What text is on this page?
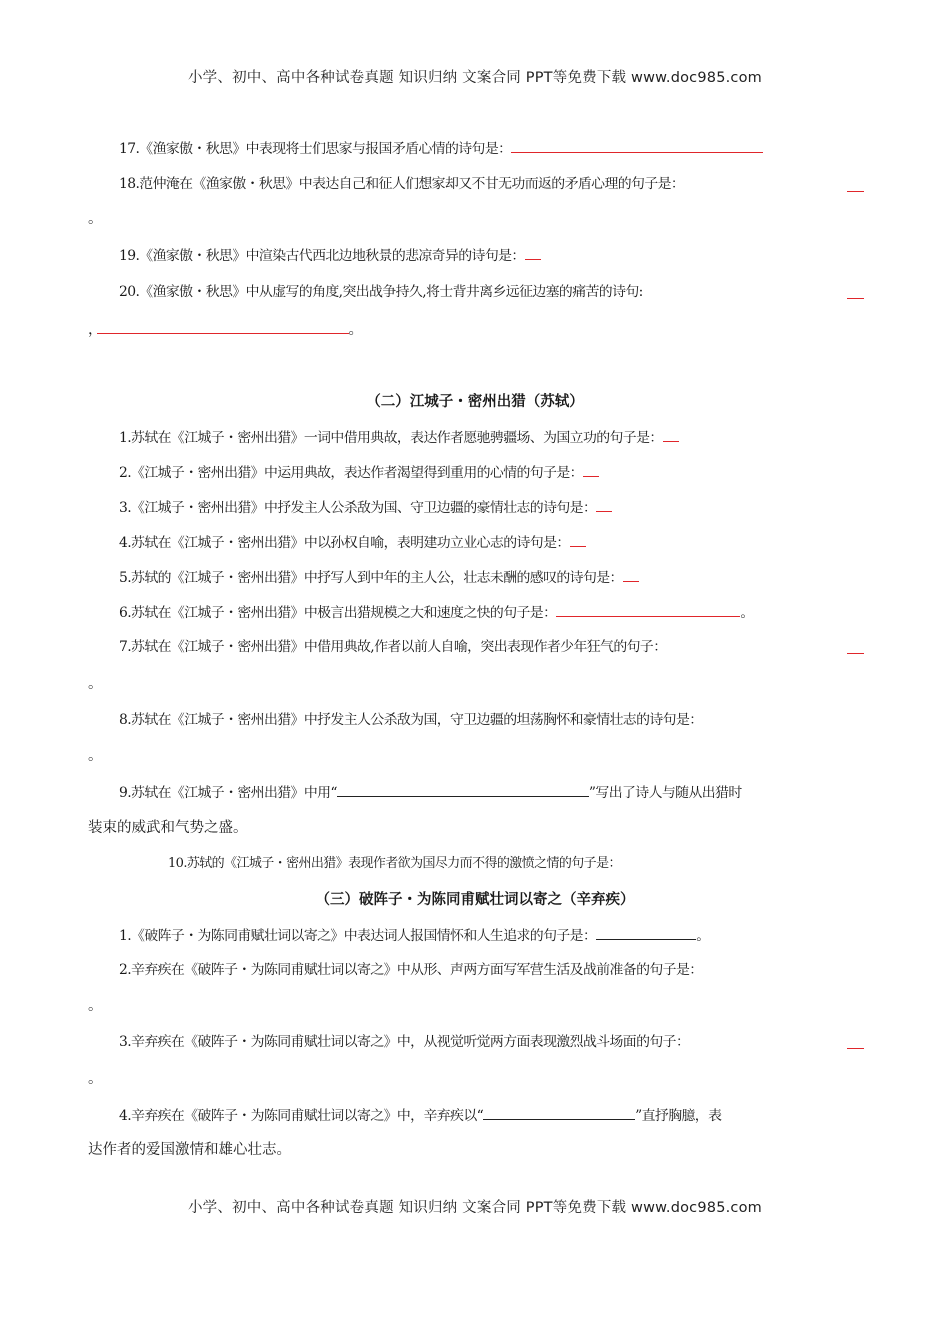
小学、初中、高中各种试卷真题 知识归纳 文案合同 PPT等免费下载 www.doc985.com
17.《渔家傲・秋思》中表现将士们思家与报国矛盾心情的诗句是：
18.范仲淹在《渔家傲・秋思》中表达自己和征人们想家却又不甘无功而返的矛盾心理的句子是：
。
19.《渔家傲・秋思》中渲染古代西北边地秋景的悲凉奇异的诗句是：
20.《渔家傲・秋思》中从虚写的角度,突出战争持久,将士背井离乡远征边塞的痛苦的诗句:
，	。
（二）江城子・密州出猎（苏轼）
1.苏轼在《江城子・密州出猎》一词中借用典故，表达作者愿驰骋疆场、为国立功的句子是：
2.《江城子・密州出猎》中运用典故，表达作者渴望得到重用的心情的句子是：
3.《江城子・密州出猎》中抒发主人公杀敌为国、守卫边疆的豪情壮志的诗句是：
4.苏轼在《江城子・密州出猎》中以孙权自喻，表明建功立业心志的诗句是：
5.苏轼的《江城子・密州出猎》中抒写人到中年的主人公，壮志未酬的感叹的诗句是：
6.苏轼在《江城子・密州出猎》中极言出猎规模之大和速度之快的句子是：	。
7.苏轼在《江城子・密州出猎》中借用典故,作者以前人自喻，突出表现作者少年狂气的句子：
。
8.苏轼在《江城子・密州出猎》中抒发主人公杀敌为国，守卫边疆的坦荡胸怀和豪情壮志的诗句是：
。
9.苏轼在《江城子・密州出猎》中用“	”写出了诗人与随从出猎时
装束的威武和气势之盛。
10.苏轼的《江城子・密州出猎》表现作者欲为国尽力而不得的激愤之情的句子是：
（三）破阵子・为陈同甫赋壮词以寄之（辛弃疾）
1.《破阵子・为陈同甫赋壮词以寄之》中表达词人报国情怀和人生追求的句子是：	。
2.辛弃疾在《破阵子・为陈同甫赋壮词以寄之》中从形、声两方面写军营生活及战前准备的句子是：
。
3.辛弃疾在《破阵子・为陈同甫赋壮词以寄之》中，从视觉听觉两方面表现激烈战斗场面的句子：
。
4.辛弃疾在《破阵子・为陈同甫赋壮词以寄之》中，辛弃疾以“	”直抒胸臆，表
达作者的爱国激情和雄心壮志。
小学、初中、高中各种试卷真题 知识归纳 文案合同 PPT等免费下载 www.doc985.com
